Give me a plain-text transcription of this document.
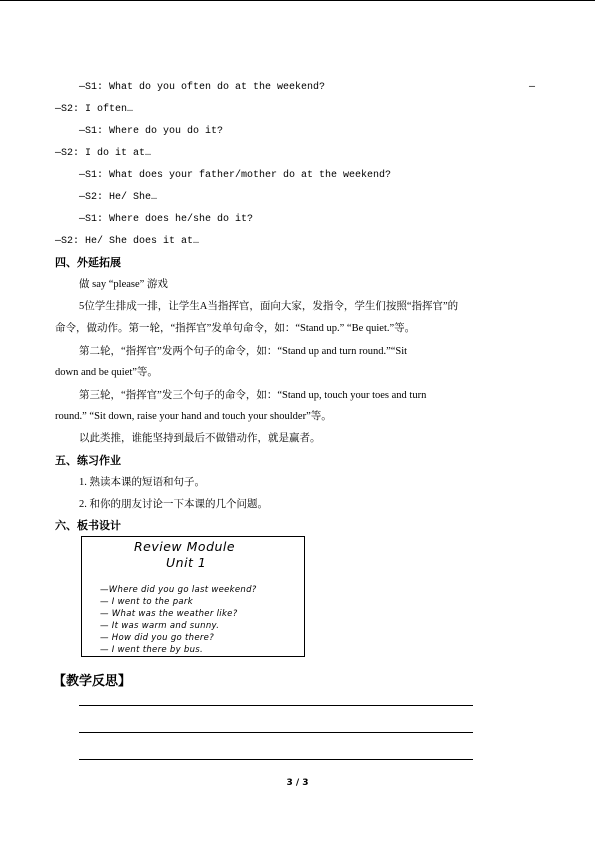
—S1: What do you often do at the weekend?	—
—S2: I often…
—S1: Where do you do it?
—S2: I do it at…
—S1: What does your father/mother do at the weekend?
—S2: He/ She…
—S1: Where does he/she do it?
—S2: He/ She does it at…
四、外延拓展
做 say “please” 游戏
5位学生排成一排，让学生A当指挥官，面向大家，发指令，学生们按照“指挥官”的
命令，做动作。第一轮，“指挥官”发单句命令，如：“Stand up.” “Be quiet.”等。
第二轮，“指挥官”发两个句子的命令，如：“Stand up and turn round.”“Sit
down and be quiet”等。
第三轮，“指挥官”发三个句子的命令，如：“Stand up, touch your toes and turn
round.” “Sit down, raise your hand and touch your shoulder”等。
以此类推，谁能坚持到最后不做错动作，就是赢者。
五、练习作业
1. 熟读本课的短语和句子。
2. 和你的朋友讨论一下本课的几个问题。
六、板书设计
Review Module
Unit 1
—Where did you go last weekend?
— I went to the park
— What was the weather like?
— It was warm and sunny.
— How did you go there?
— I went there by bus.
【教学反思】
3 / 3
